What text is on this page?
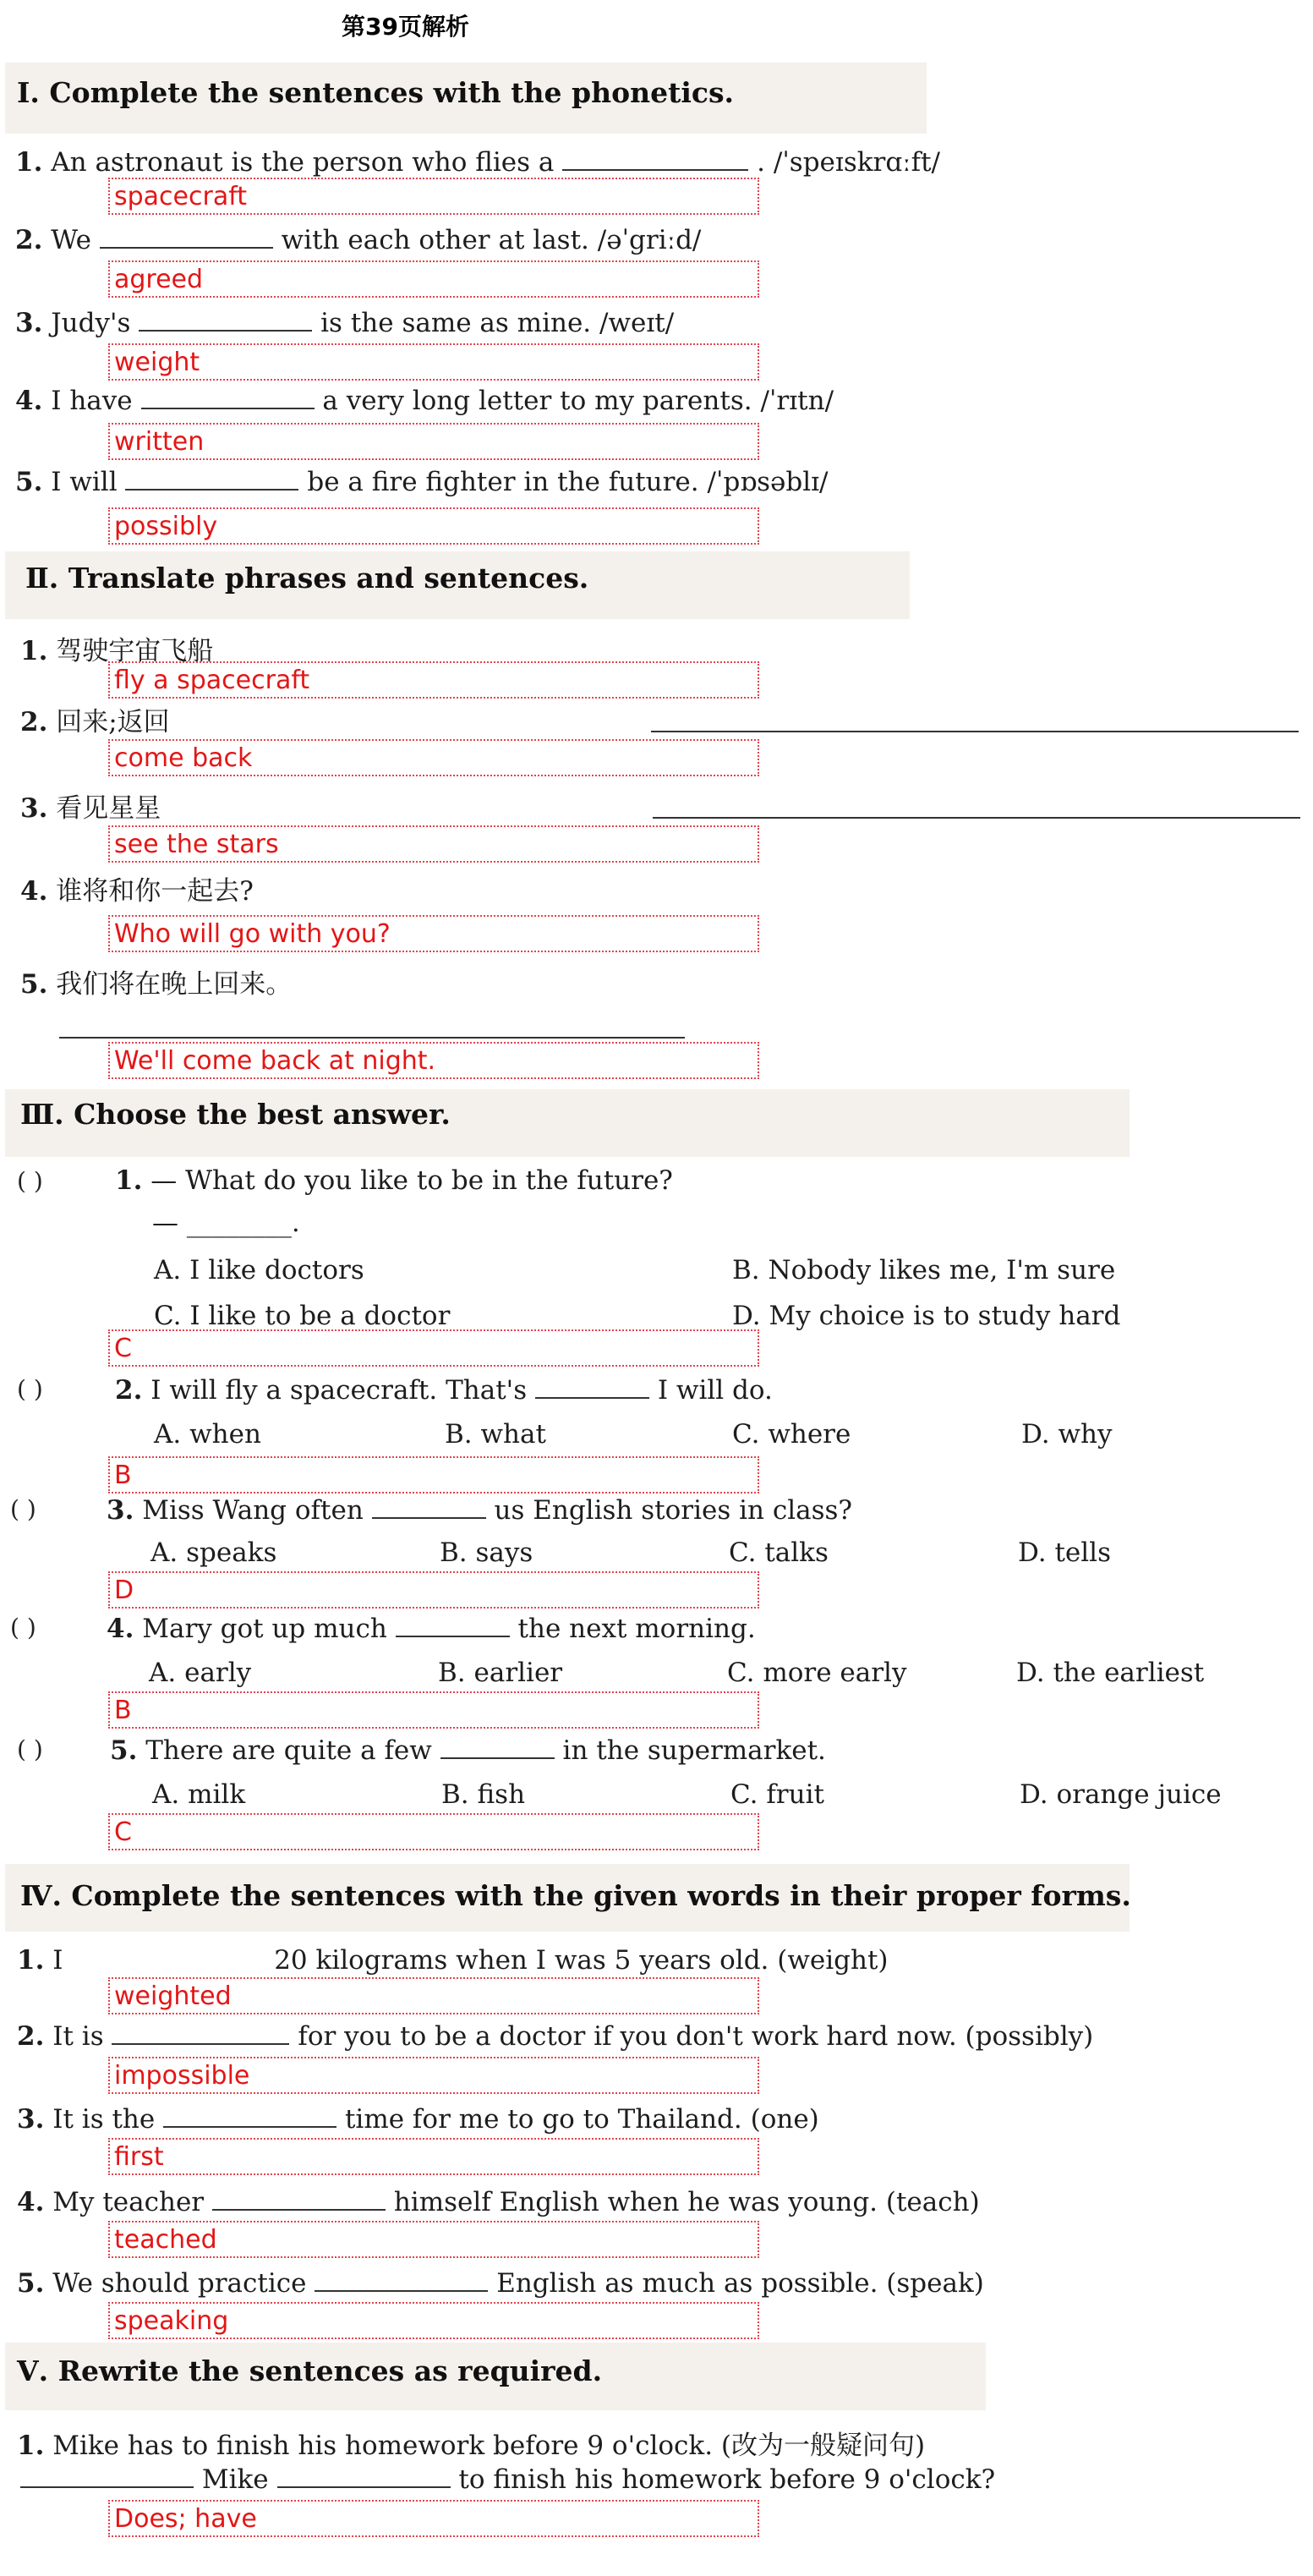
第39页解析
Ⅰ. Complete the sentences with the phonetics.
1. An astronaut is the person who flies a	. /ˈspeɪskrɑːft/
spacecraft
2. We	with each other at last. /əˈgriːd/
agreed
3. Judy's	is the same as mine. /weɪt/
weight
4. I have	a very long letter to my parents. /ˈrɪtn/
written
5. I will	be a fire fighter in the future. /ˈpɒsəblɪ/
possibly
Ⅱ. Translate phrases and sentences.
1. 驾驶宇宙飞船
fly a spacecraft
2. 回来;返回
come back
3. 看见星星
see the stars
4. 谁将和你一起去?
Who will go with you?
5. 我们将在晚上回来。
We'll come back at night.
Ⅲ. Choose the best answer.
( )	1. — What do you like to be in the future?
— ________.
A. I like doctors	B. Nobody likes me, I'm sure
C. I like to be a doctor	D. My choice is to study hard
C
( )	2. I will fly a spacecraft. That's	I will do.
A. when	B. what	C. where	D. why
B
( )	3. Miss Wang often	us English stories in class?
A. speaks	B. says	C. talks	D. tells
D
( )	4. Mary got up much	the next morning.
A. early	B. earlier	C. more early	D. the earliest
B
( )	5. There are quite a few	in the supermarket.
A. milk	B. fish	C. fruit	D. orange juice
C
Ⅳ. Complete the sentences with the given words in their proper forms.
1. I	20 kilograms when I was 5 years old. (weight)
weighted
2. It is	for you to be a doctor if you don't work hard now. (possibly)
impossible
3. It is the	time for me to go to Thailand. (one)
first
4. My teacher	himself English when he was young. (teach)
teached
5. We should practice	English as much as possible. (speak)
speaking
Ⅴ. Rewrite the sentences as required.
1. Mike has to finish his homework before 9 o'clock. (改为一般疑问句)
Mike	to finish his homework before 9 o'clock?
Does; have
